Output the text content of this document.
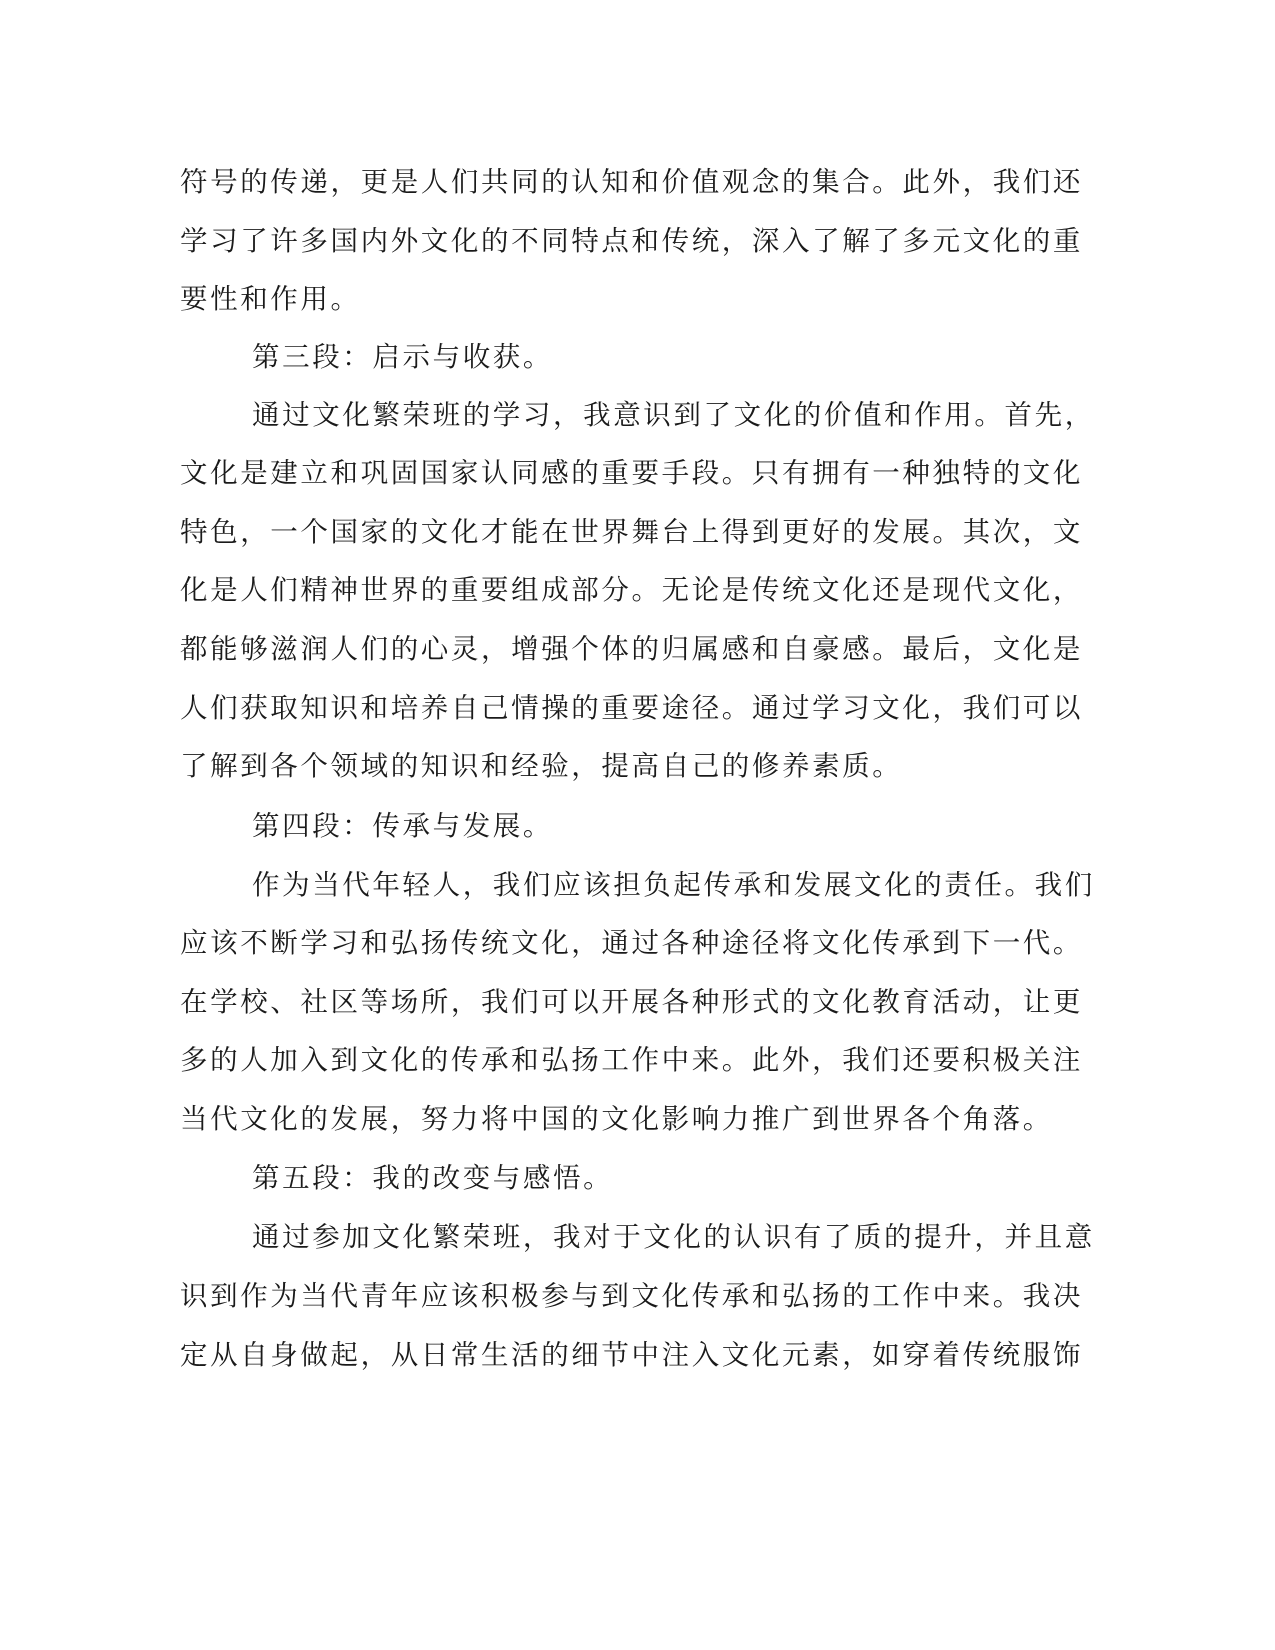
符号的传递，更是人们共同的认知和价值观念的集合。此外，我们还

学习了许多国内外文化的不同特点和传统，深入了解了多元文化的重

要性和作用。

第三段：启示与收获。

通过文化繁荣班的学习，我意识到了文化的价值和作用。首先，

文化是建立和巩固国家认同感的重要手段。只有拥有一种独特的文化

特色，一个国家的文化才能在世界舞台上得到更好的发展。其次，文

化是人们精神世界的重要组成部分。无论是传统文化还是现代文化，

都能够滋润人们的心灵，增强个体的归属感和自豪感。最后，文化是

人们获取知识和培养自己情操的重要途径。通过学习文化，我们可以

了解到各个领域的知识和经验，提高自己的修养素质。

第四段：传承与发展。

作为当代年轻人，我们应该担负起传承和发展文化的责任。我们

应该不断学习和弘扬传统文化，通过各种途径将文化传承到下一代。

在学校、社区等场所，我们可以开展各种形式的文化教育活动，让更

多的人加入到文化的传承和弘扬工作中来。此外，我们还要积极关注

当代文化的发展，努力将中国的文化影响力推广到世界各个角落。

第五段：我的改变与感悟。

通过参加文化繁荣班，我对于文化的认识有了质的提升，并且意

识到作为当代青年应该积极参与到文化传承和弘扬的工作中来。我决

定从自身做起，从日常生活的细节中注入文化元素，如穿着传统服饰
